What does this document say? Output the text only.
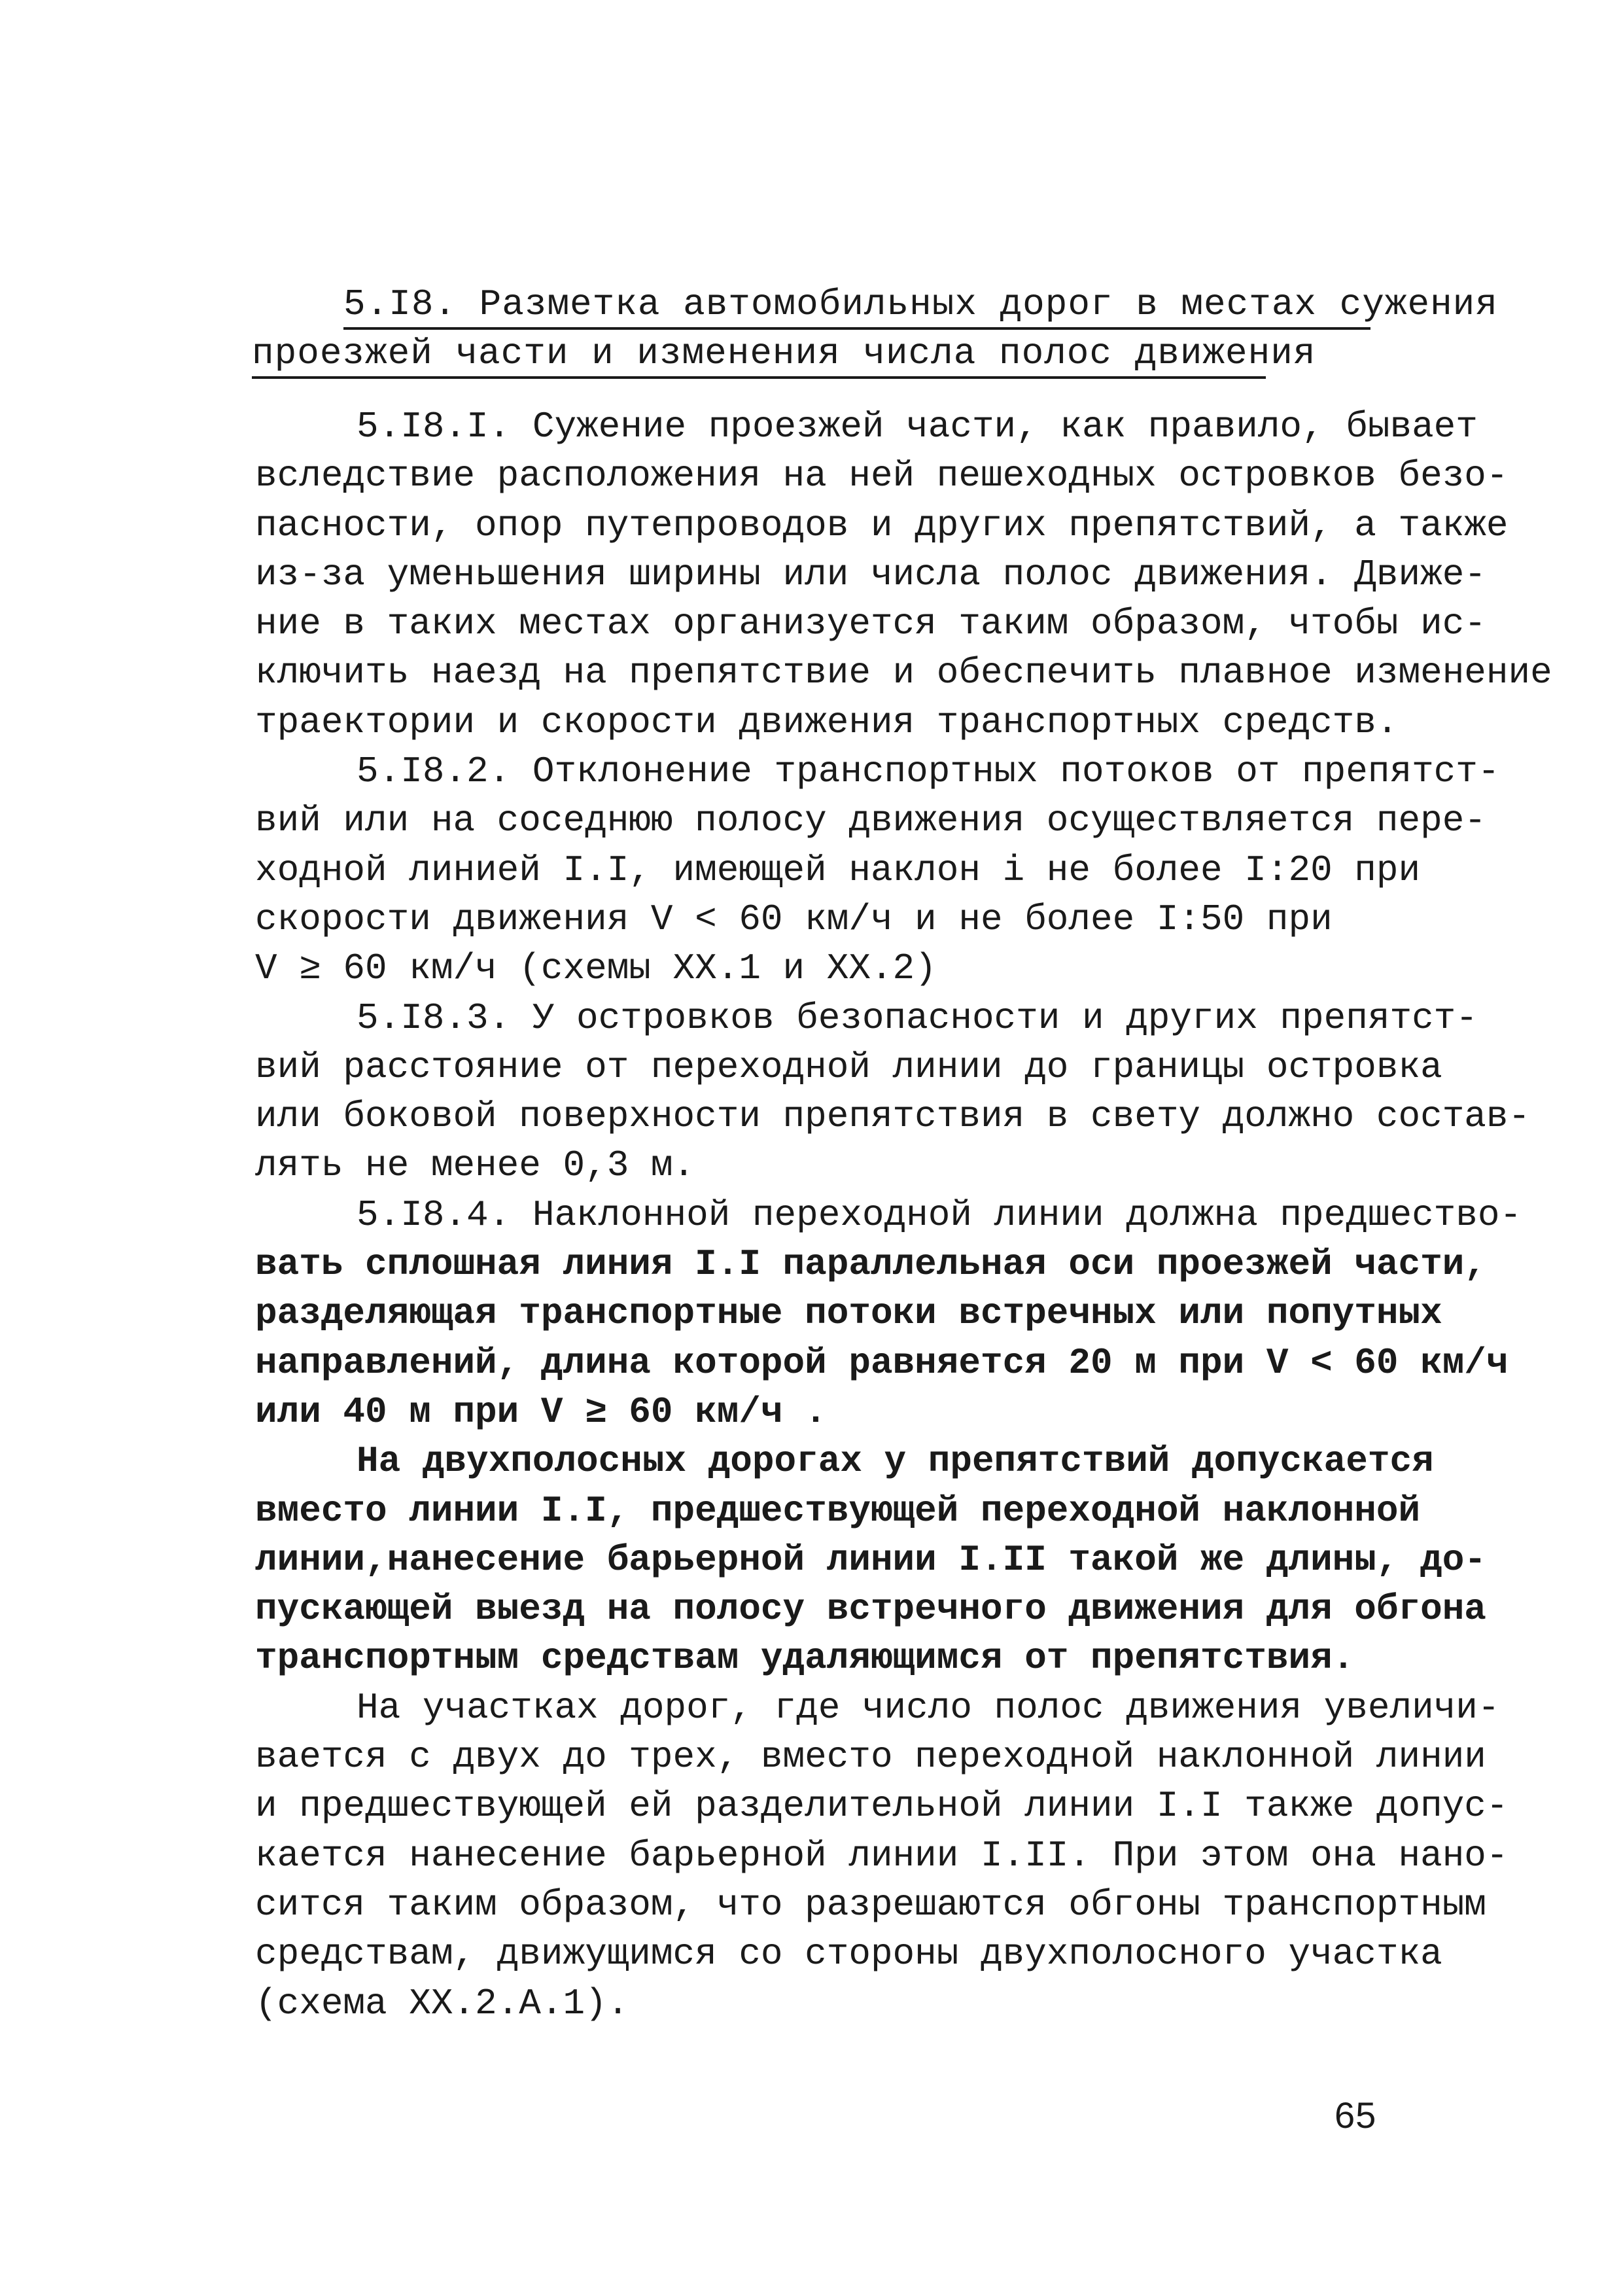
5.I8. Разметка автомобильных дорог в местах сужения
проезжей части и изменения числа полос движения
5.I8.I. Сужение проезжей части, как правило, бывает
вследствие расположения на ней пешеходных островков безо-
пасности, опор путепроводов и других препятствий, а также
из-за уменьшения ширины или числа полос движения. Движе-
ние в таких местах организуется таким образом, чтобы ис-
ключить наезд на препятствие и обеспечить плавное изменение
траектории и скорости движения транспортных средств.
5.I8.2. Отклонение транспортных потоков от препятст-
вий или на соседнюю полосу движения осуществляется пере-
ходной линией I.I, имеющей наклон i не более I:20 при
скорости движения V < 60 км/ч и не более I:50 при
V ≥ 60 км/ч (схемы XX.1 и XX.2)
5.I8.3. У островков безопасности и других препятст-
вий расстояние от переходной линии до границы островка
или боковой поверхности препятствия в свету должно состав-
лять не менее 0,3 м.
5.I8.4. Наклонной переходной линии должна предшество-
вать сплошная линия I.I параллельная оси проезжей части,
разделяющая транспортные потоки встречных или попутных
направлений, длина которой равняется 20 м при V < 60 км/ч
или 40 м при V ≥ 60 км/ч .
На двухполосных дорогах у препятствий допускается
вместо линии I.I, предшествующей переходной наклонной
линии,нанесение барьерной линии I.II такой же длины, до-
пускающей выезд на полосу встречного движения для обгона
транспортным средствам удаляющимся от препятствия.
На участках дорог, где число полос движения увеличи-
вается с двух до трех, вместо переходной наклонной линии
и предшествующей ей разделительной линии I.I также допус-
кается нанесение барьерной линии I.II. При этом она нано-
сится таким образом, что разрешаются обгоны транспортным
средствам, движущимся со стороны двухполосного участка
(схема XX.2.A.1).
65
